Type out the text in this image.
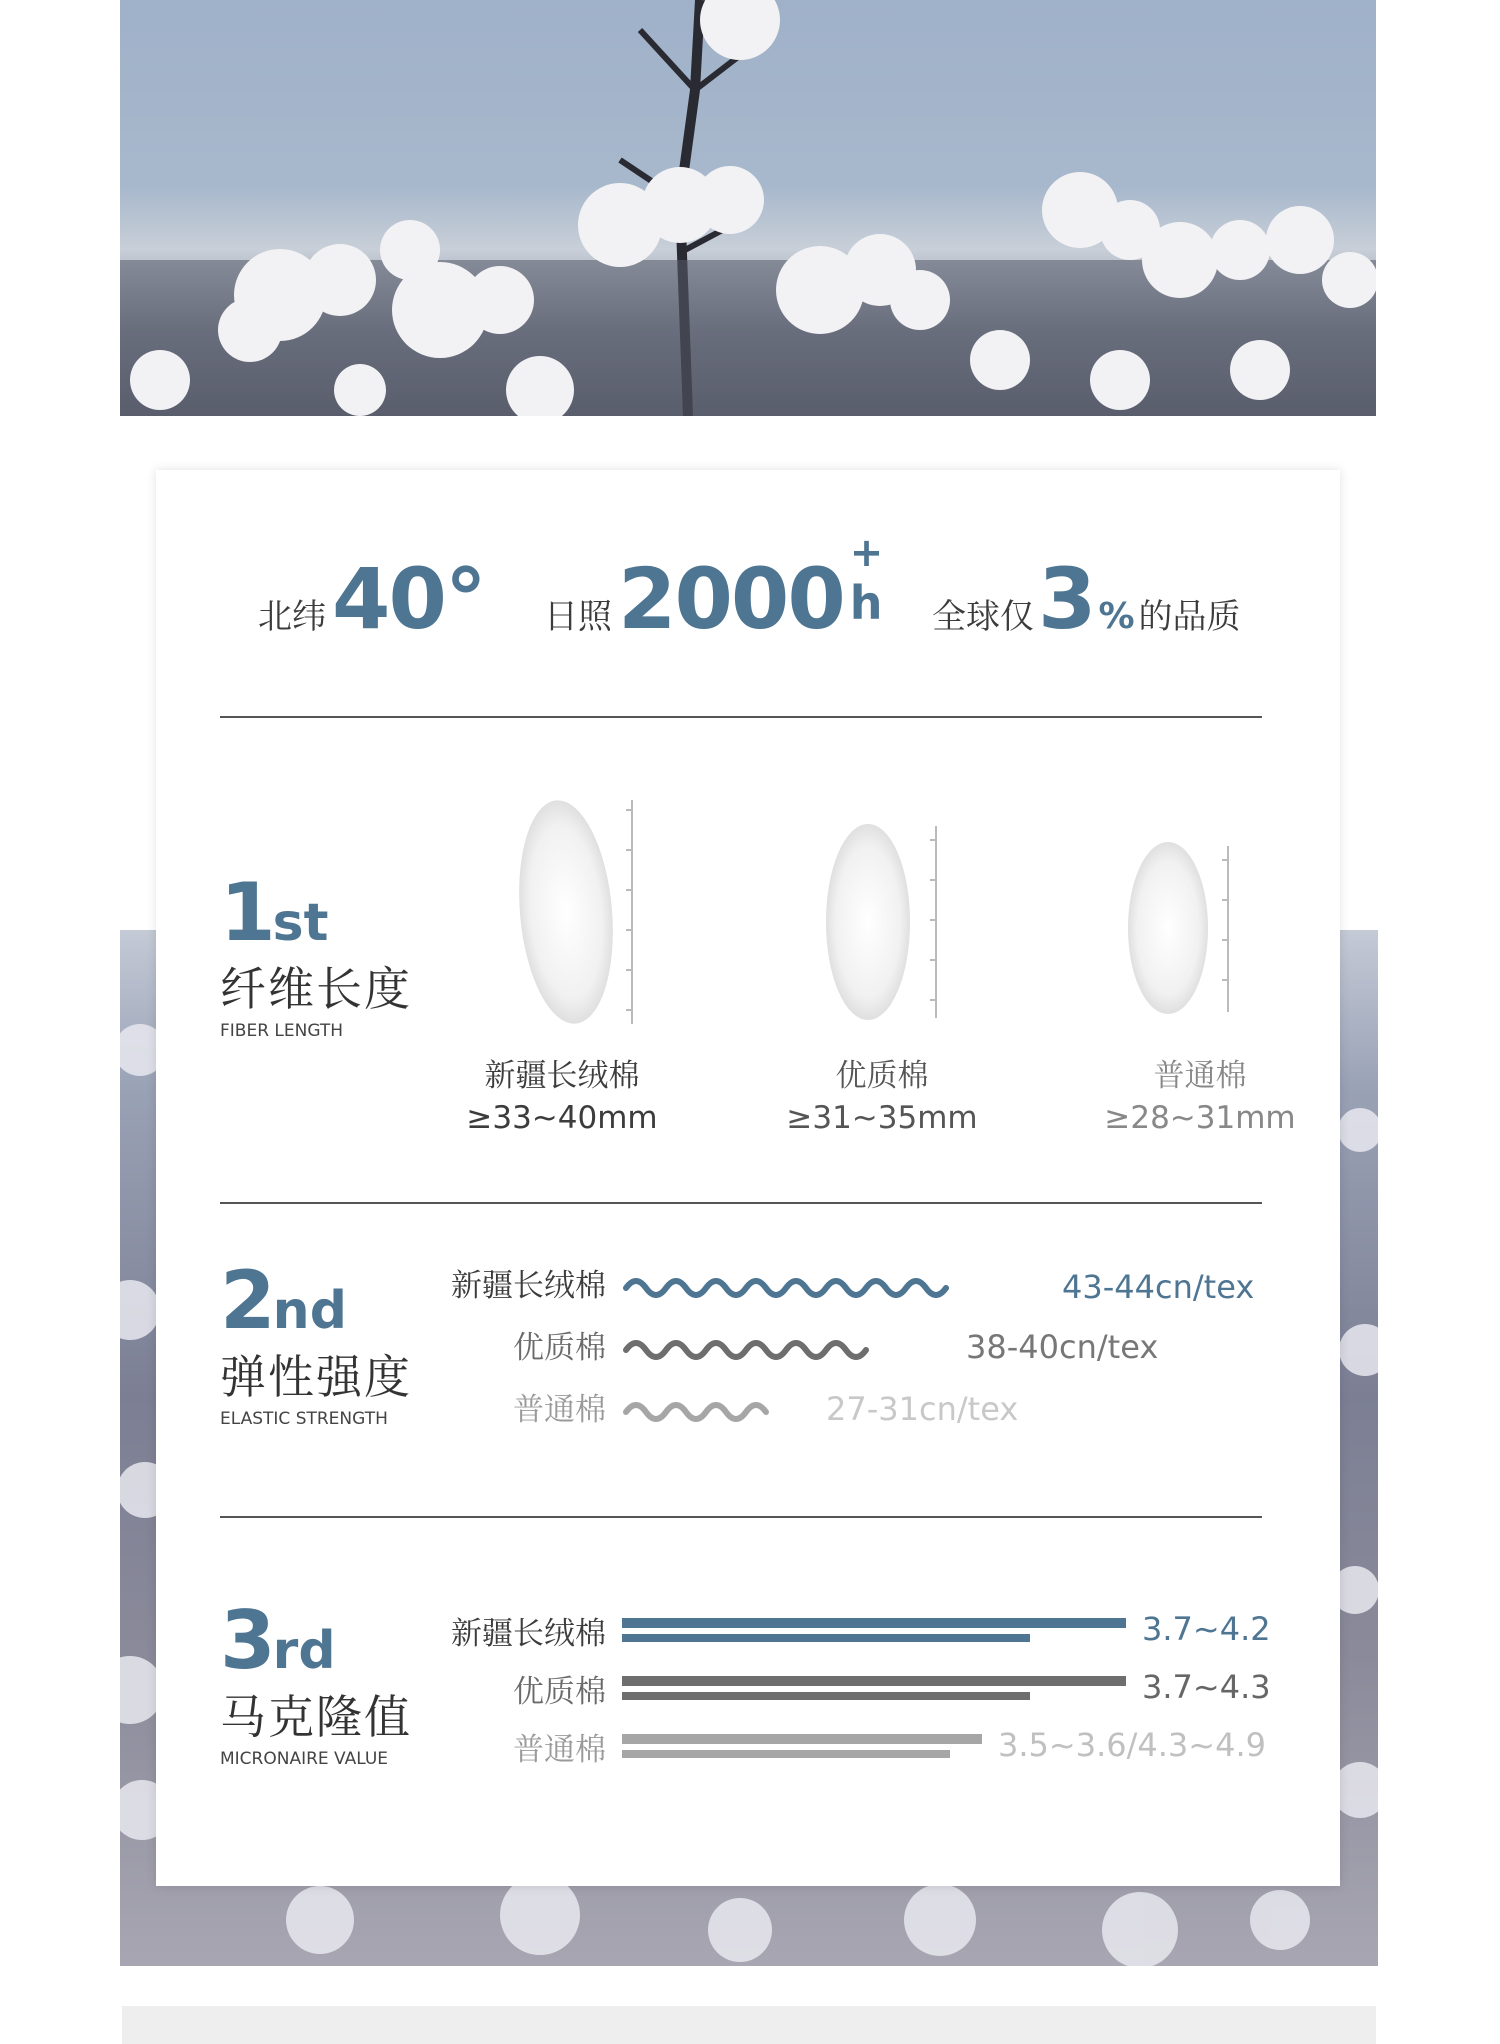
北纬 40° 日照 2000 +
h 全球仅 3 % 的品质
1 st
纤维长度
FIBER LENGTH
新疆长绒棉
≥33~40mm
优质棉
≥31~35mm
普通棉
≥28~31mm
2 nd
弹性强度
ELASTIC STRENGTH
新疆长绒棉
优质棉
普通棉
43-44cn/tex
38-40cn/tex
27-31cn/tex
3 rd
马克隆值
MICRONAIRE VALUE
新疆长绒棉
优质棉
普通棉
3.7~4.2
3.7~4.3
3.5~3.6/4.3~4.9
